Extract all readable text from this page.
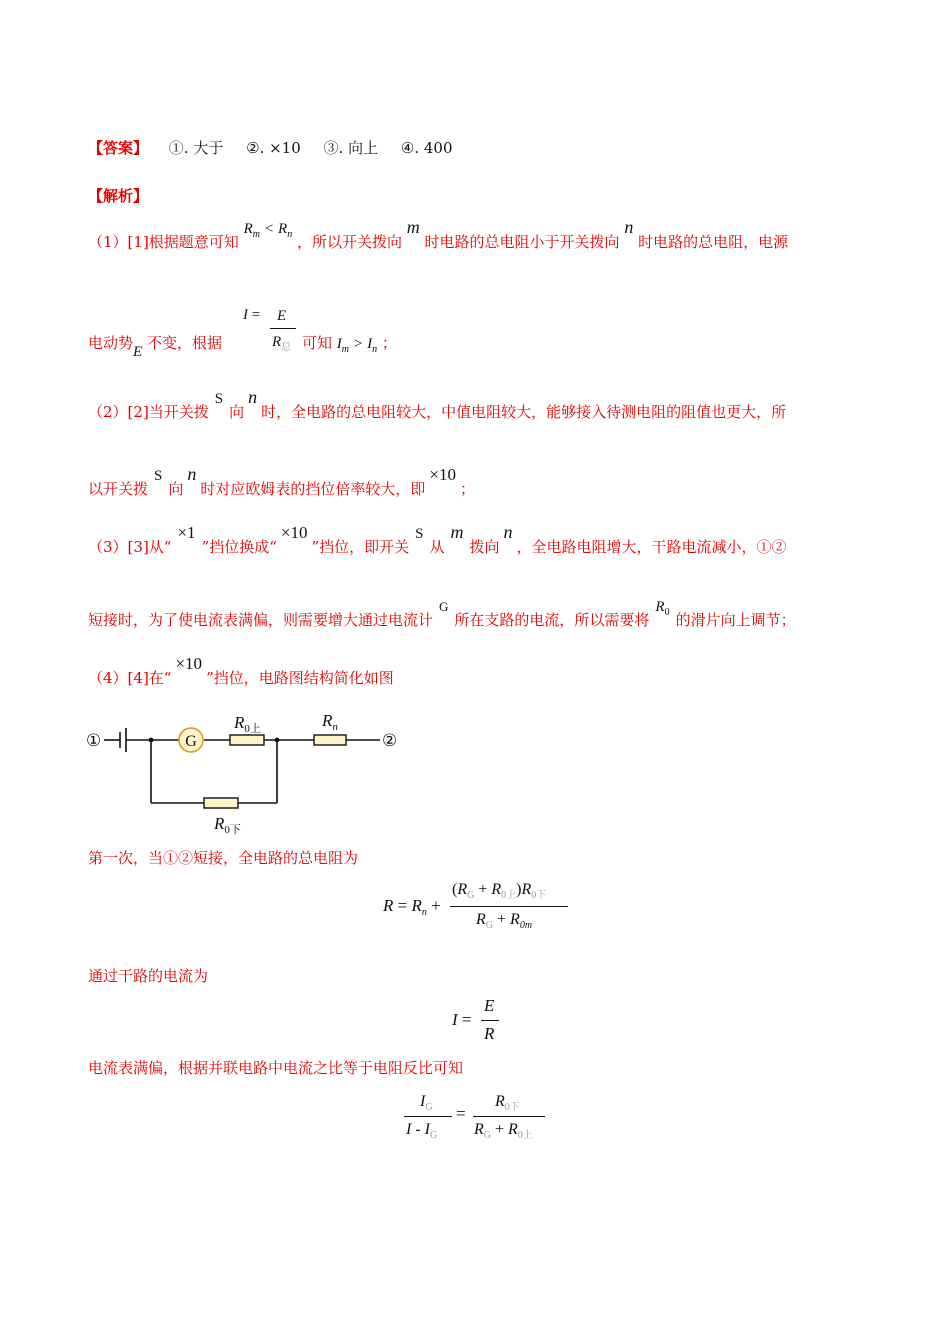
【答案】 ①. 大于 ②. ×10 ③. 向上 ④. 400
【解析】
（1）[1]根据题意可知 $R_m < R_n$ ，所以开关拨向 m 时电路的总电阻小于开关拨向 n 时电路的总电阻，电源
电动势E 不变，根据
I = E
$R_总$ 可知 $I_m > I_n$ ；
（2）[2]当开关拨S向n时，全电路的总电阻较大，中值电阻较大，能够接入待测电阻的阻值也更大，所
以开关拨S向n时对应欧姆表的挡位倍率较大，即×10；
（3）[3]从“×1”挡位换成“×10”挡位，即开关S从m拨向n，全电路电阻增大，干路电流减小，①②
短接时，为了使电流表满偏，则需要增大通过电流计G所在支路的电流，所以需要将$R_0$ 的滑片向上调节；
（4）[4]在“×10”挡位，电路图结构简化如图
G
①	②
$R_{0上}$	$R_n$
$R_{0下}$
第一次，当①②短接，全电路的总电阻为
$R = R_n$ +
$(R_G + R_{0上})R_{0下}$
$R_G + R_{0m}$
通过干路的电流为
I =
E
R
电流表满偏，根据并联电路中电流之比等于电阻反比可知
$I_G$
I - $I_G$
=
$R_{0下}$
$R_G + R_{0上}$
